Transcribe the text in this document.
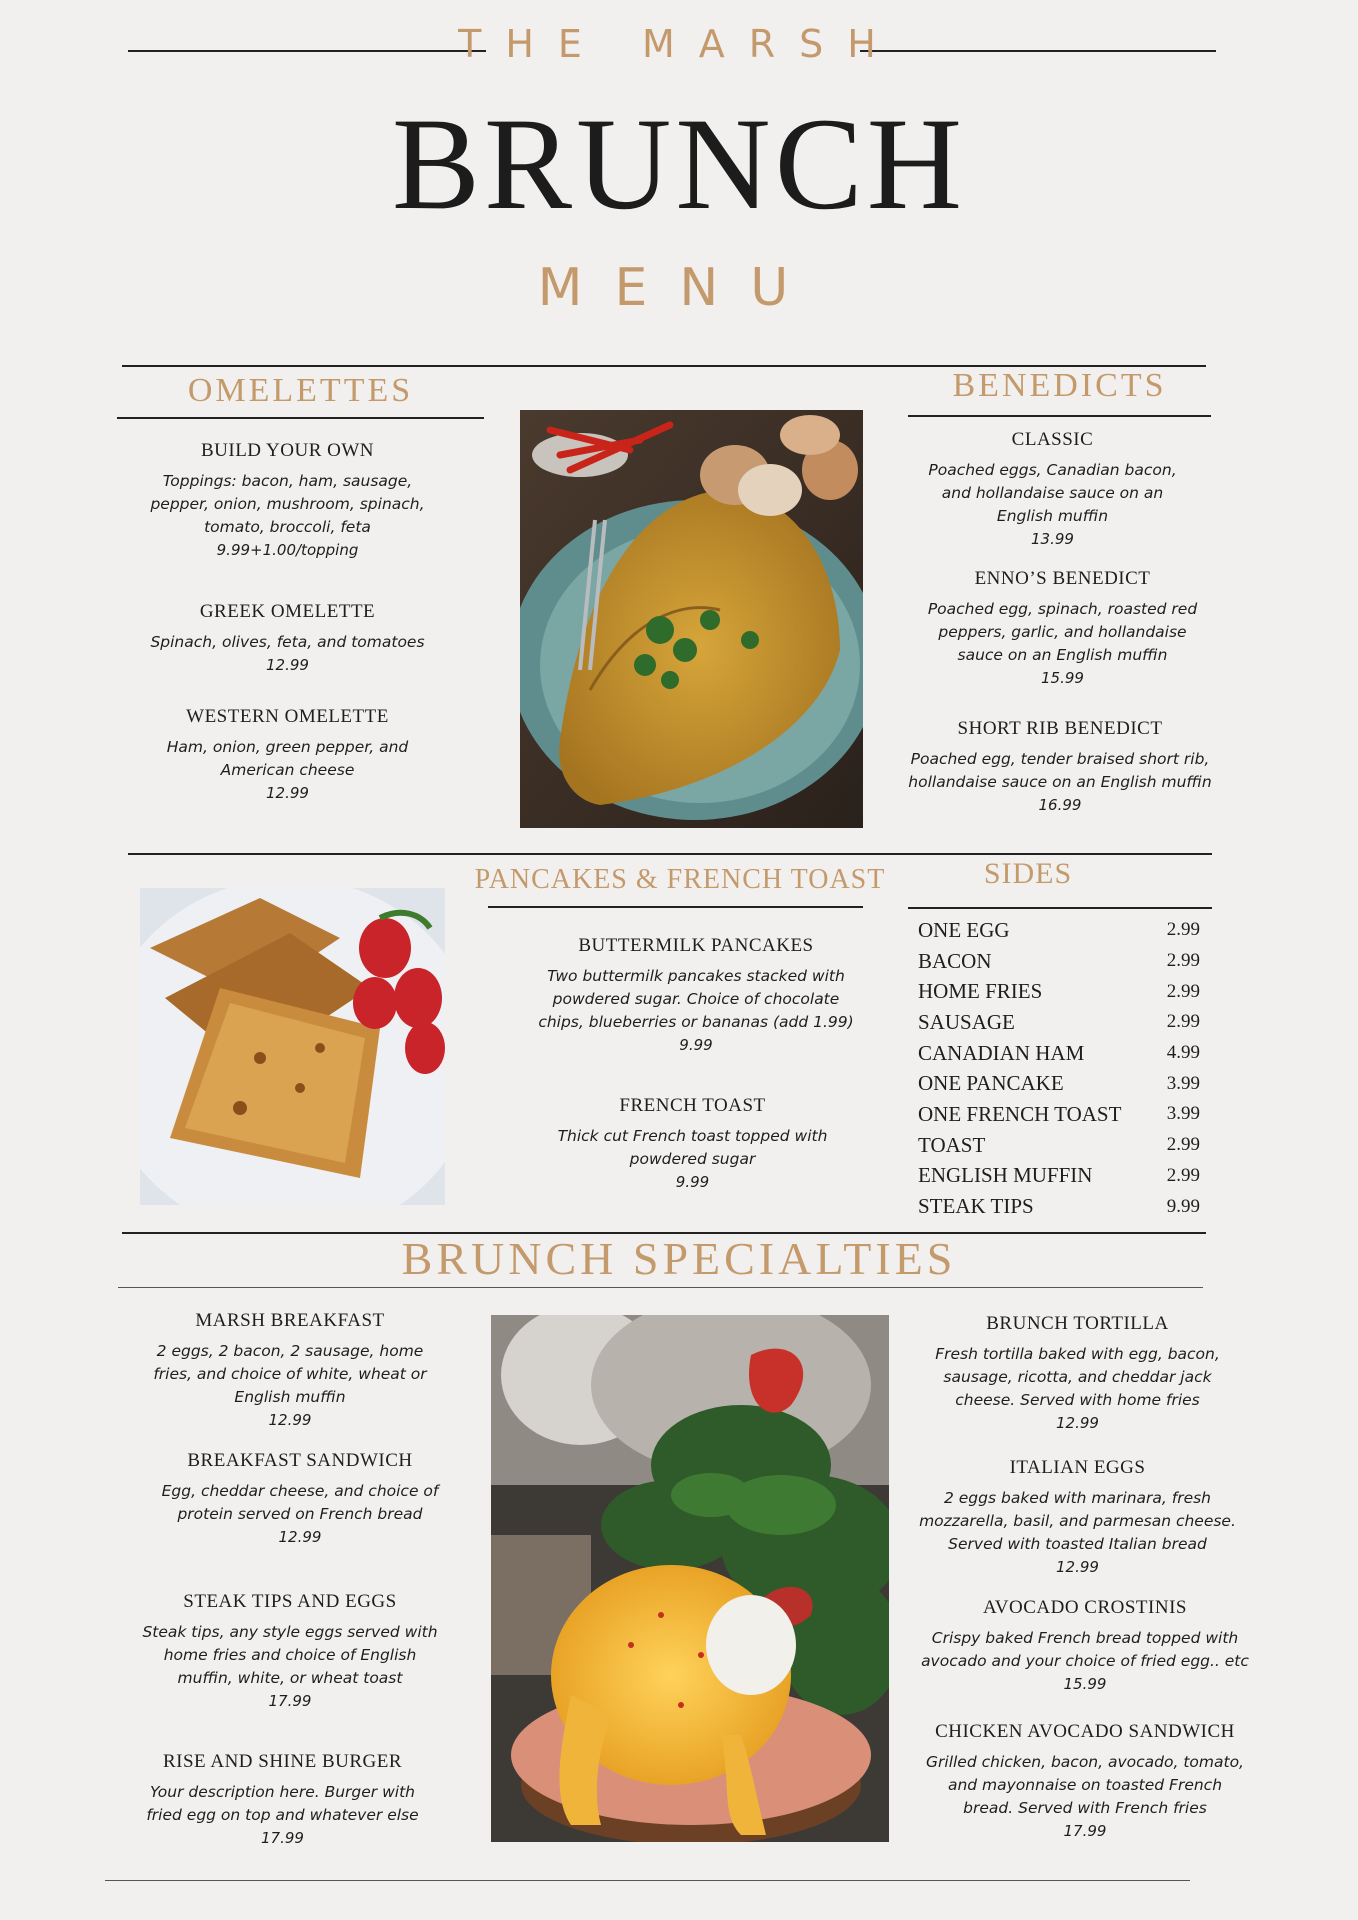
THE MARSH
BRUNCH
MENU
OMELETTES
BUILD YOUR OWN
Toppings: bacon, ham, sausage, pepper, onion, mushroom, spinach, tomato, broccoli, feta
9.99+1.00/topping
GREEK OMELETTE
Spinach, olives, feta, and tomatoes
12.99
WESTERN OMELETTE
Ham, onion, green pepper, and American cheese
12.99
BENEDICTS
CLASSIC
Poached eggs, Canadian bacon, and hollandaise sauce on an English muffin
13.99
ENNO’S BENEDICT
Poached egg, spinach, roasted red peppers, garlic, and hollandaise sauce on an English muffin
15.99
SHORT RIB BENEDICT
Poached egg, tender braised short rib, hollandaise sauce on an English muffin
16.99
PANCAKES & FRENCH TOAST
BUTTERMILK PANCAKES
Two buttermilk pancakes stacked with powdered sugar. Choice of chocolate chips, blueberries or bananas (add 1.99)
9.99
FRENCH TOAST
Thick cut French toast topped with powdered sugar
9.99
SIDES
ONE EGG	2.99
BACON	2.99
HOME FRIES	2.99
SAUSAGE	2.99
CANADIAN HAM	4.99
ONE PANCAKE	3.99
ONE FRENCH TOAST 3.99
TOAST	2.99
ENGLISH MUFFIN	2.99
STEAK TIPS	9.99
BRUNCH SPECIALTIES
MARSH BREAKFAST
2 eggs, 2 bacon, 2 sausage, home fries, and choice of white, wheat or English muffin
12.99
BREAKFAST SANDWICH
Egg, cheddar cheese, and choice of protein served on French bread
12.99
STEAK TIPS AND EGGS
Steak tips, any style eggs served with home fries and choice of English muffin, white, or wheat toast
17.99
RISE AND SHINE BURGER
Your description here. Burger with fried egg on top and whatever else
17.99
BRUNCH TORTILLA
Fresh tortilla baked with egg, bacon, sausage, ricotta, and cheddar jack cheese. Served with home fries
12.99
ITALIAN EGGS
2 eggs baked with marinara, fresh mozzarella, basil, and parmesan cheese. Served with toasted Italian bread
12.99
AVOCADO CROSTINIS
Crispy baked French bread topped with avocado and your choice of fried egg.. etc
15.99
CHICKEN AVOCADO SANDWICH
Grilled chicken, bacon, avocado, tomato, and mayonnaise on toasted French bread. Served with French fries
17.99
